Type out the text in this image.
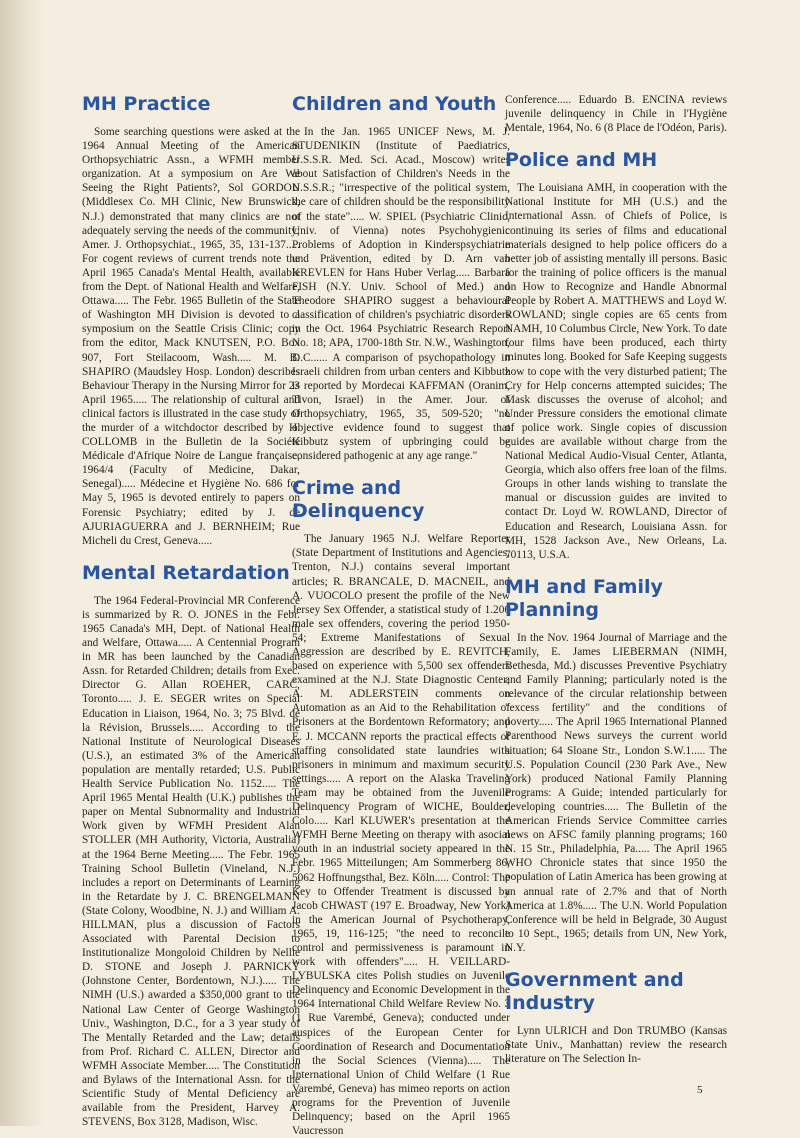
MH Practice

Some searching questions were asked at the 1964 Annual Meeting of the American Orthopsychiatric Assn., a WFMH member organization. At a symposium on Are We Seeing the Right Patients?, Sol GORDON (Middlesex Co. MH Clinic, New Brunswick, N.J.) demonstrated that many clinics are not adequately serving the needs of the community; Amer. J. Orthopsychiat., 1965, 35, 131-137..... For cogent reviews of current trends note the April 1965 Canada's Mental Health, available from the Dept. of National Health and Welfare, Ottawa..... The Febr. 1965 Bulletin of the State of Washington MH Division is devoted to a symposium on the Seattle Crisis Clinic; copy from the editor, Mack KNUTSEN, P.O. Box 907, Fort Steilacoom, Wash..... M. B. SHAPIRO (Maudsley Hosp. London) describes Behaviour Therapy in the Nursing Mirror for 23 April 1965..... The relationship of cultural and clinical factors is illustrated in the case study of the murder of a witchdoctor described by H. COLLOMB in the Bulletin de la Société Médicale d'Afrique Noire de Langue française, 1964/4 (Faculty of Medicine, Dakar, Senegal)..... Médecine et Hygiène No. 686 for May 5, 1965 is devoted entirely to papers on Forensic Psychiatry; edited by J. de AJURIAGUERRA and J. BERNHEIM; Rue Micheli du Crest, Geneva.....

Mental Retardation

The 1964 Federal-Provincial MR Conference is summarized by R. O. JONES in the Febr. 1965 Canada's MH, Dept. of National Health and Welfare, Ottawa..... A Centennial Program in MR has been launched by the Canadian Assn. for Retarded Children; details from Exec. Director G. Allan ROEHER, CARC, Toronto..... J. E. SEGER writes on Special Education in Liaison, 1964, No. 3; 75 Blvd. de la Révision, Brussels..... According to the National Institute of Neurological Diseases (U.S.), an estimated 3% of the American population are mentally retarded; U.S. Public Health Service Publication No. 1152..... The April 1965 Mental Health (U.K.) publishes the paper on Mental Subnormality and Industrial Work given by WFMH President Alan STOLLER (MH Authority, Victoria, Australia) at the 1964 Berne Meeting..... The Febr. 1965 Training School Bulletin (Vineland, N.J.) includes a report on Determinants of Learning in the Retardate by J. C. BRENGELMANN (State Colony, Woodbine, N. J.) and William A. HILLMAN, plus a discussion of Factors Associated with Parental Decision to Institutionalize Mongoloid Children by Nellie D. STONE and Joseph J. PARNICKY (Johnstone Center, Bordentown, N.J.)..... The NIMH (U.S.) awarded a $350,000 grant to the National Law Center of George Washington Univ., Washington, D.C., for a 3 year study of The Mentally Retarded and the Law; details from Prof. Richard C. ALLEN, Director and WFMH Associate Member..... The Constitution and Bylaws of the International Assn. for the Scientific Study of Mental Deficiency are available from the President, Harvey A. STEVENS, Box 3128, Madison, Wisc.

Children and Youth

In the Jan. 1965 UNICEF News, M. J. STUDENIKIN (Institute of Paediatrics, U.S.S.R. Med. Sci. Acad., Moscow) writes about Satisfaction of Children's Needs in the U.S.S.R.; "irrespective of the political system, the care of children should be the responsibility of the state"..... W. SPIEL (Psychiatric Clinic, Univ. of Vienna) notes Psychohygienic Problems of Adoption in Kinderspsychiatrie und Prävention, edited by D. Arn van KREVLEN for Hans Huber Verlag..... Barbara FISH (N.Y. Univ. School of Med.) and Theodore SHAPIRO suggest a behavioural classification of children's psychiatric disorders in the Oct. 1964 Psychiatric Research Report No. 18; APA, 1700-18th Str. N.W., Washington, D.C...... A comparison of psychopathology in Israeli children from urban centers and Kibbutz is reported by Mordecai KAFFMAN (Oranim, Tivon, Israel) in the Amer. Jour. of Orthopsychiatry, 1965, 35, 509-520; "no objective evidence found to suggest that Kibbutz system of upbringing could be considered pathogenic at any age range."

Crime and Delinquency

The January 1965 N.J. Welfare Reporter (State Department of Institutions and Agencies, Trenton, N.J.) contains several important articles; R. BRANCALE, D. MACNEIL, and A. VUOCOLO present the profile of the New Jersey Sex Offender, a statistical study of 1.206 male sex offenders, covering the period 1950-54; Extreme Manifestations of Sexual Aggression are described by E. REVITCH, based on experience with 5,500 sex offenders examined at the N.J. State Diagnostic Center; A. M. ADLERSTEIN comments on Automation as an Aid to the Rehabilitation of Prisoners at the Bordentown Reformatory; and E. J. MCCANN reports the practical effects of staffing consolidated state laundries with prisoners in minimum and maximum security settings..... A report on the Alaska Traveling Team may be obtained from the Juvenile Delinquency Program of WICHE, Boulder, Colo..... Karl KLUWER's presentation at the WFMH Berne Meeting on therapy with asocial youth in an industrial society appeared in the Febr. 1965 Mitteilungen; Am Sommerberg 86, 5062 Hoffnungsthal, Bez. Köln..... Control: The Key to Offender Treatment is discussed by Jacob CHWAST (197 E. Broadway, New York) in the American Journal of Psychotherapy, 1965, 19, 116-125; "the need to reconcile control and permissiveness is paramount in work with offenders"..... H. VEILLARD-LYBULSKA cites Polish studies on Juvenile Delinquency and Economic Development in the 1964 International Child Welfare Review No. 3 (1 Rue Varembé, Geneva); conducted under auspices of the European Center for Coordination of Research and Documentation in the Social Sciences (Vienna)..... The International Union of Child Welfare (1 Rue Varembé, Geneva) has mimeo reports on action programs for the Prevention of Juvenile Delinquency; based on the April 1965 Vaucresson

Conference..... Eduardo B. ENCINA reviews juvenile delinquency in Chile in l'Hygiène Mentale, 1964, No. 6 (8 Place de l'Odéon, Paris).

Police and MH

The Louisiana AMH, in cooperation with the National Institute for MH (U.S.) and the International Assn. of Chiefs of Police, is continuing its series of films and educational materials designed to help police officers do a better job of assisting mentally ill persons. Basic for the training of police officers is the manual on How to Recognize and Handle Abnormal People by Robert A. MATTHEWS and Loyd W. ROWLAND; single copies are 65 cents from NAMH, 10 Columbus Circle, New York. To date four films have been produced, each thirty minutes long. Booked for Safe Keeping suggests how to cope with the very disturbed patient; The Cry for Help concerns attempted suicides; The Mask discusses the overuse of alcohol; and Under Pressure considers the emotional climate of police work. Single copies of discussion guides are available without charge from the National Medical Audio-Visual Center, Atlanta, Georgia, which also offers free loan of the films. Groups in other lands wishing to translate the manual or discussion guides are invited to contact Dr. Loyd W. ROWLAND, Director of Education and Research, Louisiana Assn. for MH, 1528 Jackson Ave., New Orleans, La. 70113, U.S.A.

MH and Family Planning

In the Nov. 1964 Journal of Marriage and the Family, E. James LIEBERMAN (NIMH, Bethesda, Md.) discusses Preventive Psychiatry and Family Planning; particularly noted is the relevance of the circular relationship between "excess fertility" and the conditions of poverty..... The April 1965 International Planned Parenthood News surveys the current world situation; 64 Sloane Str., London S.W.1..... The U.S. Population Council (230 Park Ave., New York) produced National Family Planning Programs: A Guide; intended particularly for developing countries..... The Bulletin of the American Friends Service Committee carries news on AFSC family planning programs; 160 N. 15 Str., Philadelphia, Pa..... The April 1965 WHO Chronicle states that since 1950 the population of Latin America has been growing at an annual rate of 2.7% and that of North America at 1.8%..... The U.N. World Population Conference will be held in Belgrade, 30 August to 10 Sept., 1965; details from UN, New York, N.Y.

Government and Industry

Lynn ULRICH and Don TRUMBO (Kansas State Univ., Manhattan) review the research literature on The Selection In-

5
